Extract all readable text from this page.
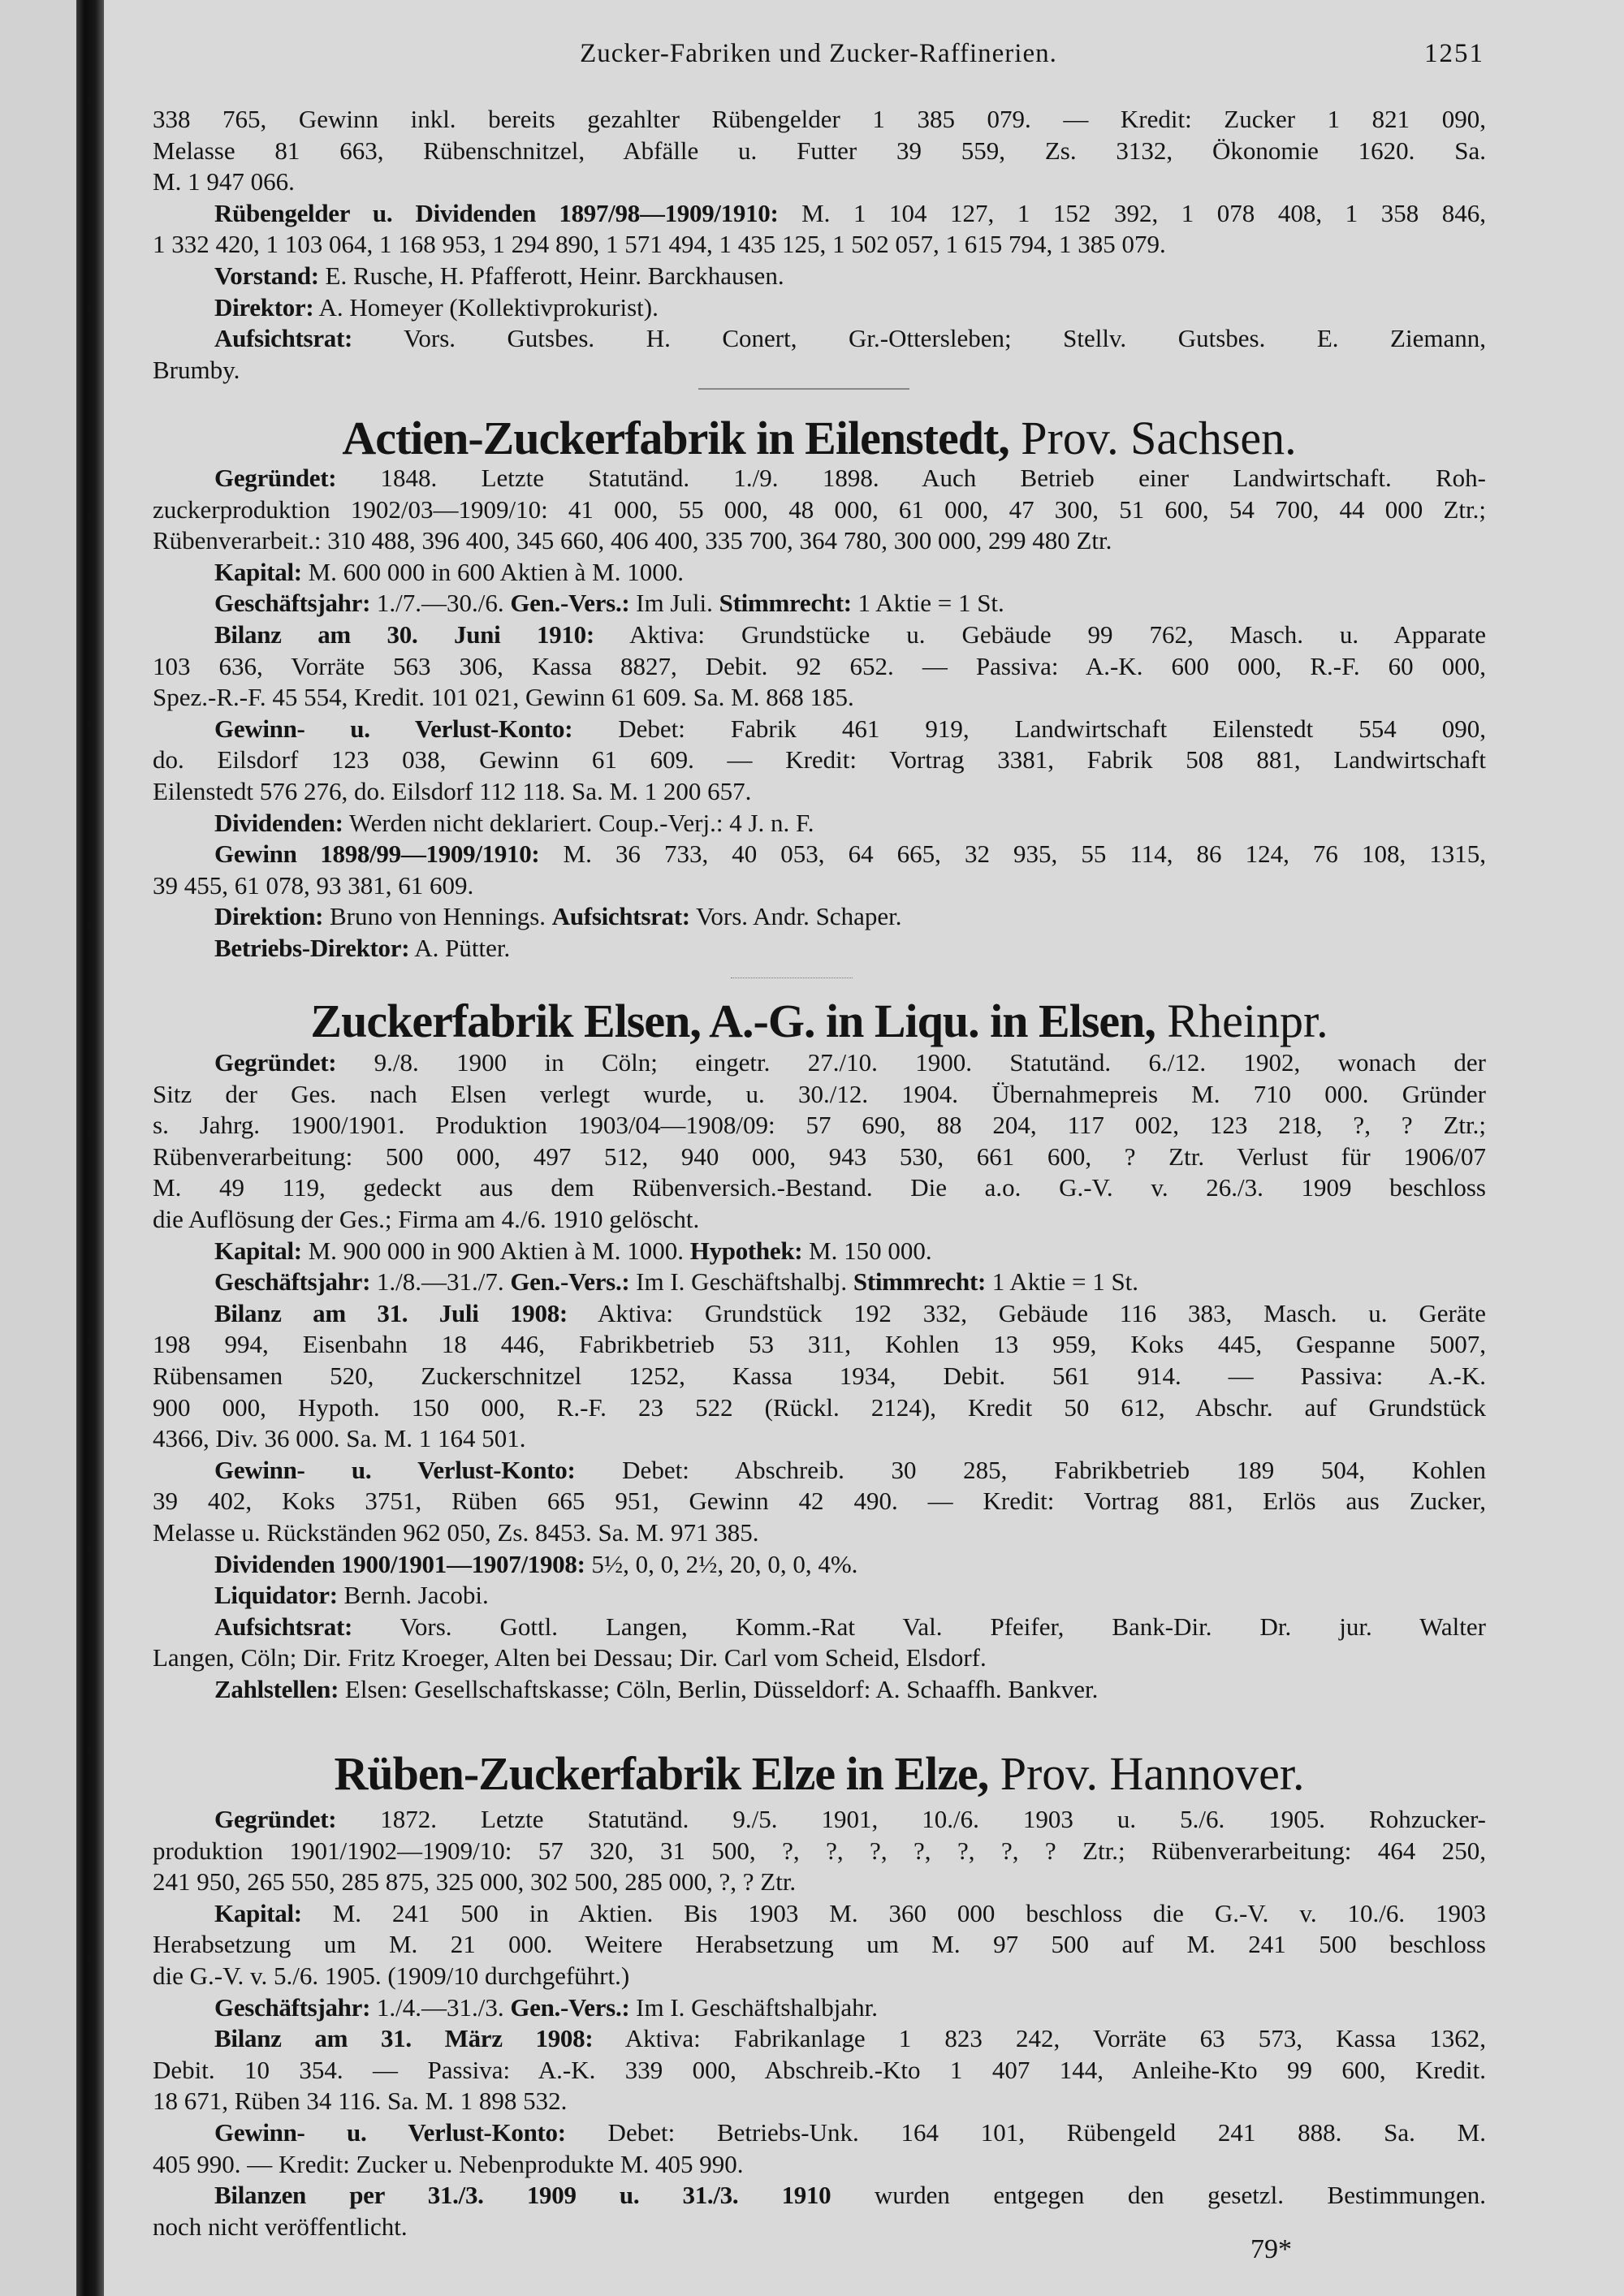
Zucker-Fabriken und Zucker-Raffinerien.	1251
338 765, Gewinn inkl. bereits gezahlter Rübengelder 1 385 079. — Kredit: Zucker 1 821 090,
Melasse 81 663, Rübenschnitzel, Abfälle u. Futter 39 559, Zs. 3132, Ökonomie 1620. Sa.
M. 1 947 066.
Rübengelder u. Dividenden 1897/98—1909/1910: M. 1 104 127, 1 152 392, 1 078 408, 1 358 846,
1 332 420, 1 103 064, 1 168 953, 1 294 890, 1 571 494, 1 435 125, 1 502 057, 1 615 794, 1 385 079.
Vorstand: E. Rusche, H. Pfafferott, Heinr. Barckhausen.
Direktor: A. Homeyer (Kollektivprokurist).
Aufsichtsrat: Vors. Gutsbes. H. Conert, Gr.-Ottersleben; Stellv. Gutsbes. E. Ziemann,
Brumby.
Actien-Zuckerfabrik in Eilenstedt, Prov. Sachsen.
Gegründet: 1848. Letzte Statutänd. 1./9. 1898. Auch Betrieb einer Landwirtschaft. Roh-
zuckerproduktion 1902/03—1909/10: 41 000, 55 000, 48 000, 61 000, 47 300, 51 600, 54 700, 44 000 Ztr.;
Rübenverarbeit.: 310 488, 396 400, 345 660, 406 400, 335 700, 364 780, 300 000, 299 480 Ztr.
Kapital: M. 600 000 in 600 Aktien à M. 1000.
Geschäftsjahr: 1./7.—30./6. Gen.-Vers.: Im Juli. Stimmrecht: 1 Aktie = 1 St.
Bilanz am 30. Juni 1910: Aktiva: Grundstücke u. Gebäude 99 762, Masch. u. Apparate
103 636, Vorräte 563 306, Kassa 8827, Debit. 92 652. — Passiva: A.-K. 600 000, R.-F. 60 000,
Spez.-R.-F. 45 554, Kredit. 101 021, Gewinn 61 609. Sa. M. 868 185.
Gewinn- u. Verlust-Konto: Debet: Fabrik 461 919, Landwirtschaft Eilenstedt 554 090,
do. Eilsdorf 123 038, Gewinn 61 609. — Kredit: Vortrag 3381, Fabrik 508 881, Landwirtschaft
Eilenstedt 576 276, do. Eilsdorf 112 118. Sa. M. 1 200 657.
Dividenden: Werden nicht deklariert. Coup.-Verj.: 4 J. n. F.
Gewinn 1898/99—1909/1910: M. 36 733, 40 053, 64 665, 32 935, 55 114, 86 124, 76 108, 1315,
39 455, 61 078, 93 381, 61 609.
Direktion: Bruno von Hennings. Aufsichtsrat: Vors. Andr. Schaper.
Betriebs-Direktor: A. Pütter.
Zuckerfabrik Elsen, A.-G. in Liqu. in Elsen, Rheinpr.
Gegründet: 9./8. 1900 in Cöln; eingetr. 27./10. 1900. Statutänd. 6./12. 1902, wonach der
Sitz der Ges. nach Elsen verlegt wurde, u. 30./12. 1904. Übernahmepreis M. 710 000. Gründer
s. Jahrg. 1900/1901. Produktion 1903/04—1908/09: 57 690, 88 204, 117 002, 123 218, ?, ? Ztr.;
Rübenverarbeitung: 500 000, 497 512, 940 000, 943 530, 661 600, ? Ztr. Verlust für 1906/07
M. 49 119, gedeckt aus dem Rübenversich.-Bestand. Die a.o. G.-V. v. 26./3. 1909 beschloss
die Auflösung der Ges.; Firma am 4./6. 1910 gelöscht.
Kapital: M. 900 000 in 900 Aktien à M. 1000. Hypothek: M. 150 000.
Geschäftsjahr: 1./8.—31./7. Gen.-Vers.: Im I. Geschäftshalbj. Stimmrecht: 1 Aktie = 1 St.
Bilanz am 31. Juli 1908: Aktiva: Grundstück 192 332, Gebäude 116 383, Masch. u. Geräte
198 994, Eisenbahn 18 446, Fabrikbetrieb 53 311, Kohlen 13 959, Koks 445, Gespanne 5007,
Rübensamen 520, Zuckerschnitzel 1252, Kassa 1934, Debit. 561 914. — Passiva: A.-K.
900 000, Hypoth. 150 000, R.-F. 23 522 (Rückl. 2124), Kredit 50 612, Abschr. auf Grundstück
4366, Div. 36 000. Sa. M. 1 164 501.
Gewinn- u. Verlust-Konto: Debet: Abschreib. 30 285, Fabrikbetrieb 189 504, Kohlen
39 402, Koks 3751, Rüben 665 951, Gewinn 42 490. — Kredit: Vortrag 881, Erlös aus Zucker,
Melasse u. Rückständen 962 050, Zs. 8453. Sa. M. 971 385.
Dividenden 1900/1901—1907/1908: 5½, 0, 0, 2½, 20, 0, 0, 4%.
Liquidator: Bernh. Jacobi.
Aufsichtsrat: Vors. Gottl. Langen, Komm.-Rat Val. Pfeifer, Bank-Dir. Dr. jur. Walter
Langen, Cöln; Dir. Fritz Kroeger, Alten bei Dessau; Dir. Carl vom Scheid, Elsdorf.
Zahlstellen: Elsen: Gesellschaftskasse; Cöln, Berlin, Düsseldorf: A. Schaaffh. Bankver.
Rüben-Zuckerfabrik Elze in Elze, Prov. Hannover.
Gegründet: 1872. Letzte Statutänd. 9./5. 1901, 10./6. 1903 u. 5./6. 1905. Rohzucker-
produktion 1901/1902—1909/10: 57 320, 31 500, ?, ?, ?, ?, ?, ?, ? Ztr.; Rübenverarbeitung: 464 250,
241 950, 265 550, 285 875, 325 000, 302 500, 285 000, ?, ? Ztr.
Kapital: M. 241 500 in Aktien. Bis 1903 M. 360 000 beschloss die G.-V. v. 10./6. 1903
Herabsetzung um M. 21 000. Weitere Herabsetzung um M. 97 500 auf M. 241 500 beschloss
die G.-V. v. 5./6. 1905. (1909/10 durchgeführt.)
Geschäftsjahr: 1./4.—31./3. Gen.-Vers.: Im I. Geschäftshalbjahr.
Bilanz am 31. März 1908: Aktiva: Fabrikanlage 1 823 242, Vorräte 63 573, Kassa 1362,
Debit. 10 354. — Passiva: A.-K. 339 000, Abschreib.-Kto 1 407 144, Anleihe-Kto 99 600, Kredit.
18 671, Rüben 34 116. Sa. M. 1 898 532.
Gewinn- u. Verlust-Konto: Debet: Betriebs-Unk. 164 101, Rübengeld 241 888. Sa. M.
405 990. — Kredit: Zucker u. Nebenprodukte M. 405 990.
Bilanzen per 31./3. 1909 u. 31./3. 1910 wurden entgegen den gesetzl. Bestimmungen.
noch nicht veröffentlicht.
79*
